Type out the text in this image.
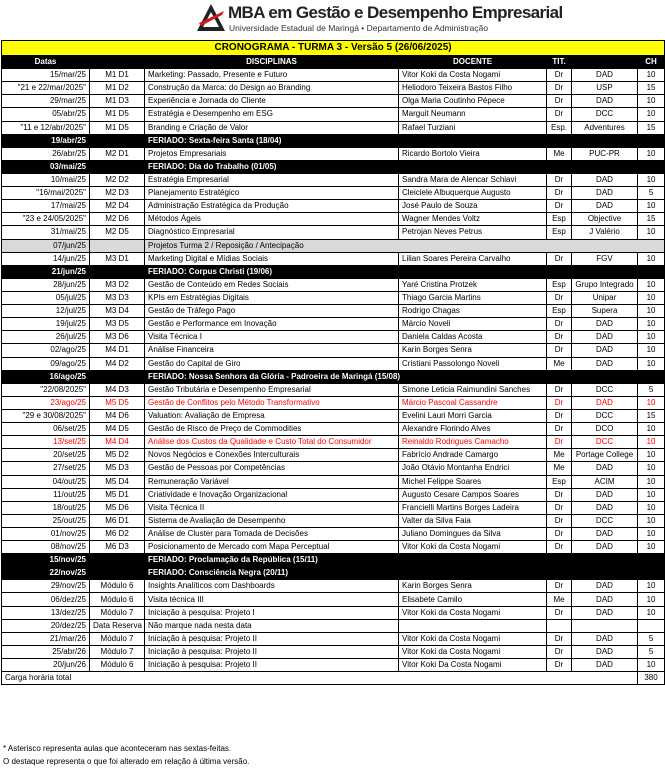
MBA em Gestão e Desempenho Empresarial
Universidade Estadual de Maringá • Departamento de Administração
CRONOGRAMA - TURMA 3 - Versão 5 (26/06/2025)						
Datas		DISCIPLINAS	DOCENTE	TIT.		CH
15/mar/25	M1 D1	Marketing: Passado, Presente e Futuro	Vitor Koki da Costa Nogami	Dr	DAD	10
"21 e 22/mar/2025"	M1 D2	Construção da Marca: do Design ao Branding	Heliodoro Teixeira Bastos Filho	Dr	USP	15
29/mar/25	M1 D3	Experiência e Jornada do Cliente	Olga Maria Coutinho Pépece	Dr	DAD	10
05/abr/25	M1 D5	Estratégia e Desempenho em ESG	Marguit Neumann	Dr	DCC	10
"11 e 12/abr/2025"	M1 D5	Branding e Criação de Valor	Rafael Turziani	Esp.	Adventures	15
19/abr/25		FERIADO: Sexta-feira Santa (18/04)				
26/abr/25	M2 D1	Projetos Empresariais	Ricardo Bortolo Vieira	Me	PUC-PR	10
03/mai/25		FERIADO: Dia do Trabalho (01/05)				
10/mai/25	M2 D2	Estratégia Empresarial	Sandra Mara de Alencar Schiavi	Dr	DAD	10
"16/mai/2025"	M2 D3	Planejamento Estratégico	Cleiciele Albuquerque Augusto	Dr	DAD	5
17/mai/25	M2 D4	Administração Estratégica da Produção	José Paulo de Souza	Dr	DAD	10
"23 e 24/05/2025"	M2 D6	Métodos Ágeis	Wagner Mendes Voltz	Esp	Objective	15
31/mai/25	M2 D5	Diagnóstico Empresarial	Petrojan Neves Petrus	Esp	J Valério	10
07/jun/25		Projetos Turma 2 / Reposição / Antecipação				
14/jun/25	M3 D1	Marketing Digital e Mídias Sociais	Lilian Soares Pereira Carvalho	Dr	FGV	10
21/jun/25		FERIADO: Corpus Christi (19/06)				
28/jun/25	M3 D2	Gestão de Conteúdo em Redes Sociais	Yaré Cristina Protzek	Esp	Grupo Integrado	10
05/jul/25	M3 D3	KPIs em Estratégias Digitais	Thiago Garcia Martins	Dr	Unipar	10
12/jul/25	M3 D4	Gestão de Tráfego Pago	Rodrigo Chagas	Esp	Supera	10
19/jul/25	M3 D5	Gestão e Performance em Inovação	Márcio Noveli	Dr	DAD	10
26/jul/25	M3 D6	Visita Técnica I	Daniela Caldas Acosta	Dr	DAD	10
02/ago/25	M4 D1	Análise Financeira	Karin Borges Senra	Dr	DAD	10
09/ago/25	M4 D2	Gestão do Capital de Giro	Cristiani Passolongo Noveli	Me	DAD	10
16/ago/25		FERIADO: Nossa Senhora da Glória - Padroeira de Maringá (15/08)				
"22/08/2025"	M4 D3	Gestão Tributária e Desempenho Empresarial	Simone Leticia Raimundini Sanches	Dr	DCC	5
23/ago/25	M5 D5	Gestão de Conflitos pelo Método Transformativo	Márcio Pascoal Cassandre	Dr	DAD	10
"29 e 30/08/2025"	M4 D6	Valuation: Avaliação de Empresa	Evelini Lauri Morri Garcia	Dr	DCC	15
06/set/25	M4 D5	Gestão de Risco de Preço de Commodities	Alexandre Florindo Alves	Dr	DCO	10
13/set/25	M4 D4	Análise dos Custos da Qualidade e Custo Total do Consumidor	Reinaldo Rodrigues Camacho	Dr	DCC	10
20/set/25	M5 D2	Novos Negócios e Conexões Interculturais	Fabrício Andrade Camargo	Me	Portage College	10
27/set/25	M5 D3	Gestão de Pessoas por Competências	João Otávio Montanha Endrici	Me	DAD	10
04/out/25	M5 D4	Remuneração Variável	Michel Felippe Soares	Esp	ACIM	10
11/out/25	M5 D1	Criatividade e Inovação Organizacional	Augusto Cesare Campos Soares	Dr	DAD	10
18/out/25	M5 D6	Visita Técnica II	Francielli Martins Borges Ladeira	Dr	DAD	10
25/out/25	M6 D1	Sistema de Avaliação de Desempenho	Valter da Silva Faia	Dr	DCC	10
01/nov/25	M6 D2	Análise de Cluster para Tomada de Decisões	Juliano Domingues da Silva	Dr	DAD	10
08/nov/25	M6 D3	Posicionamento de Mercado com Mapa Perceptual	Vitor Koki da Costa Nogami	Dr	DAD	10
15/nov/25		FERIADO: Proclamação da República (15/11)				
22/nov/25		FERIADO: Consciência Negra (20/11)				
29/nov/25	Módulo 6	Insights Analíticos com Dashboards	Karin Borges Senra	Dr	DAD	10
06/dez/25	Módulo 6	Visita técnica III	Elisabete Camilo	Me	DAD	10
13/dez/25	Módulo 7	Iniciação à pesquisa: Projeto I	Vitor Koki da Costa Nogami	Dr	DAD	10
20/dez/25	Data Reserva	Não marque nada nesta data				
21/mar/26	Módulo 7	Iniciação à pesquisa: Projeto II	Vitor Koki da Costa Nogami	Dr	DAD	5
25/abr/26	Módulo 7	Iniciação à pesquisa: Projeto II	Vitor Koki da Costa Nogami	Dr	DAD	5
20/jun/26	Módulo 6	Iniciação à pesquisa: Projeto II	Vitor Koki Da Costa Nogami	Dr	DAD	10
Carga horária total						380
* Asterisco representa aulas que aconteceram nas sextas-feitas.
O destaque representa o que foi alterado em relação à última versão.
